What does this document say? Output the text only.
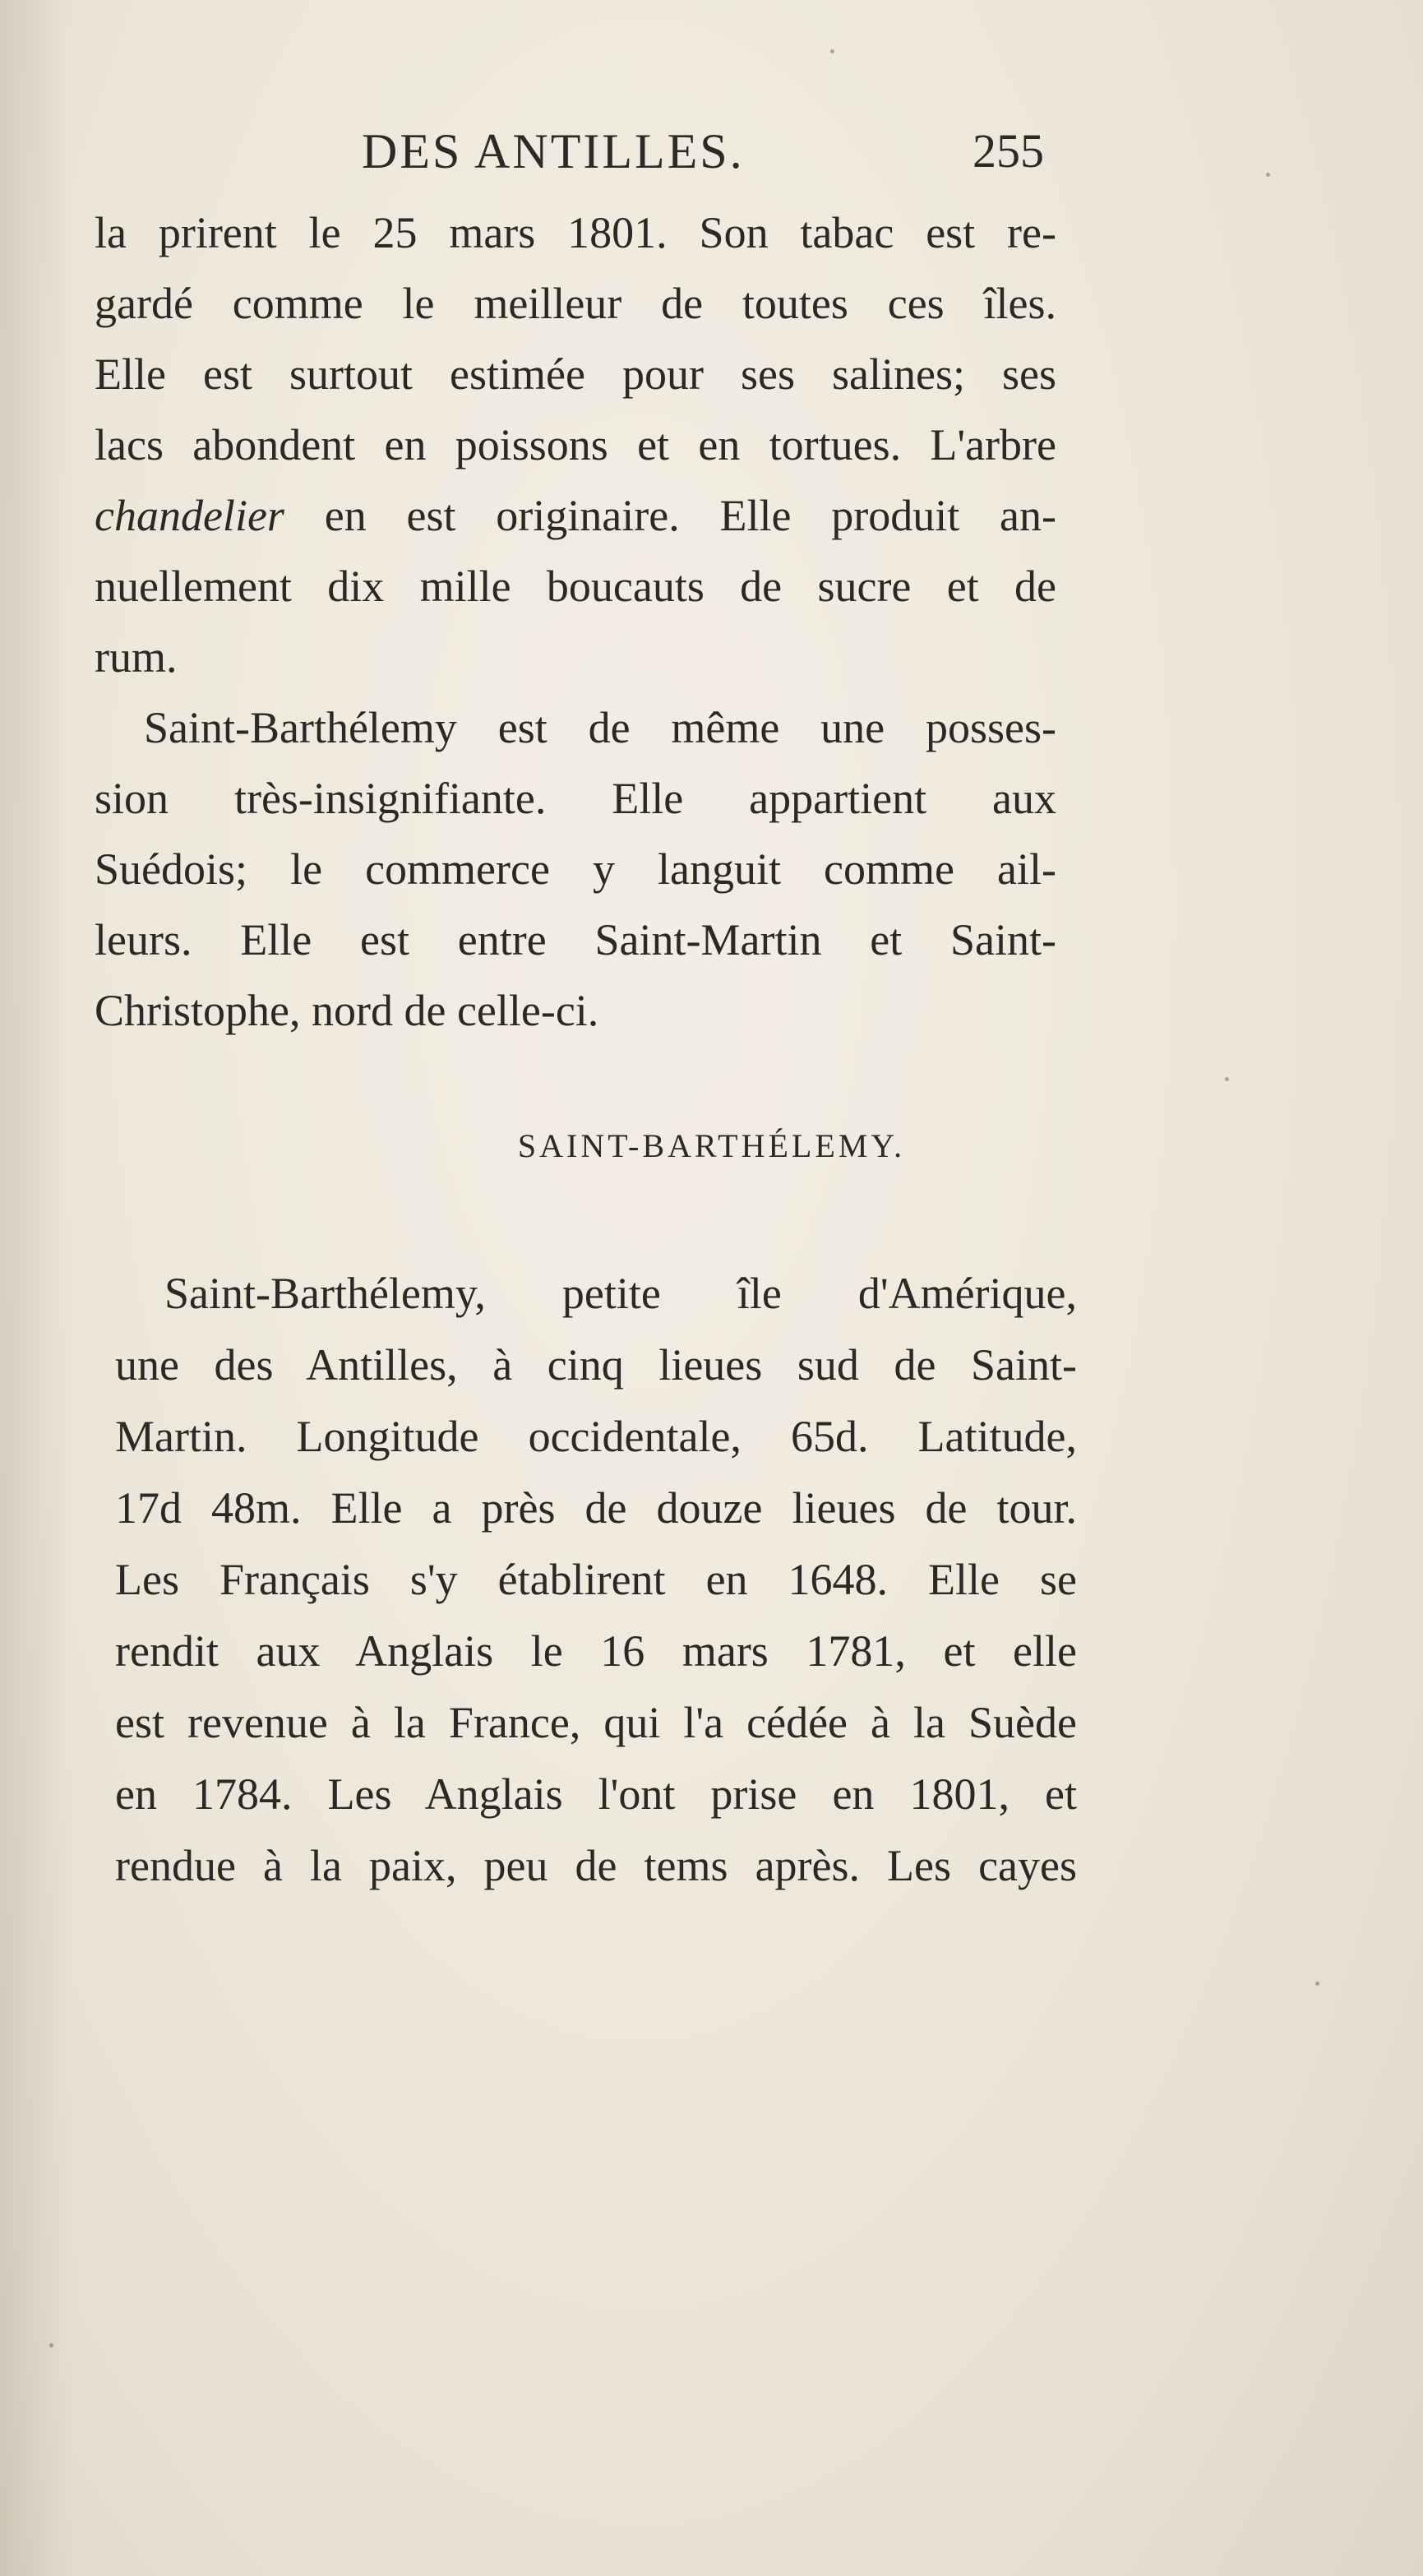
DES ANTILLES.	255
la prirent le 25 mars 1801. Son tabac est re-
gardé comme le meilleur de toutes ces îles.
Elle est surtout estimée pour ses salines; ses
lacs abondent en poissons et en tortues. L'arbre
chandelier en est originaire. Elle produit an-
nuellement dix mille boucauts de sucre et de
rum.
Saint-Barthélemy est de même une posses-
sion très-insignifiante. Elle appartient aux
Suédois; le commerce y languit comme ail-
leurs. Elle est entre Saint-Martin et Saint-
Christophe, nord de celle-ci.
SAINT-BARTHÉLEMY.
Saint-Barthélemy, petite île d'Amérique,
une des Antilles, à cinq lieues sud de Saint-
Martin. Longitude occidentale, 65d. Latitude,
17d 48m. Elle a près de douze lieues de tour.
Les Français s'y établirent en 1648. Elle se
rendit aux Anglais le 16 mars 1781, et elle
est revenue à la France, qui l'a cédée à la Suède
en 1784. Les Anglais l'ont prise en 1801, et
rendue à la paix, peu de tems après. Les cayes
